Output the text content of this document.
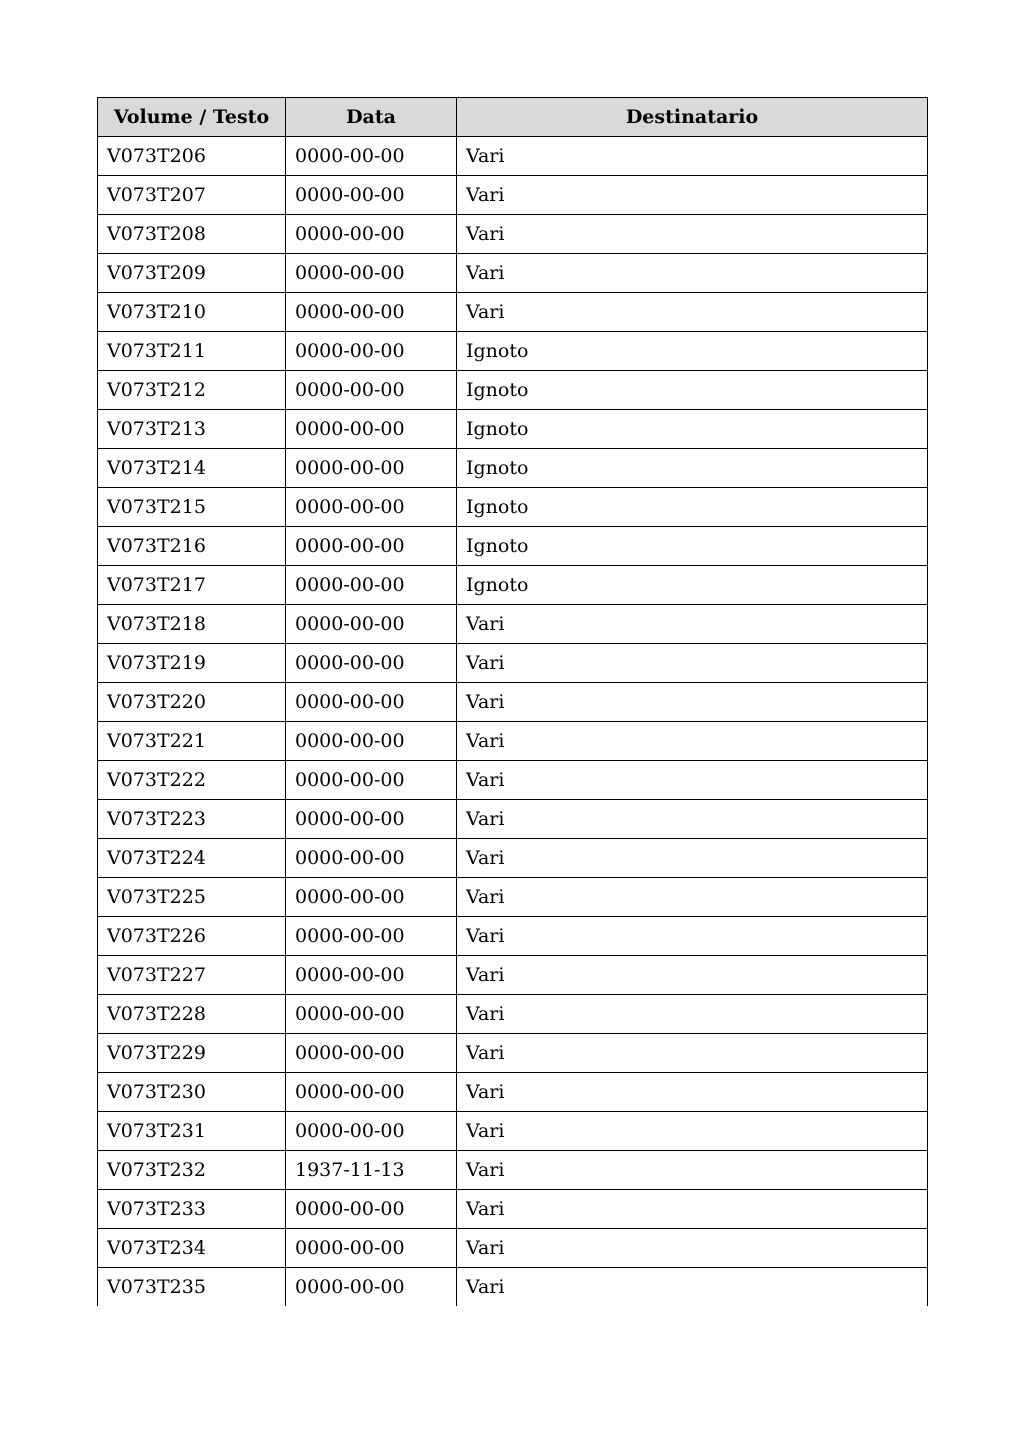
Volume / Testo	Data	Destinatario
V073T206	0000-00-00	Vari
V073T207	0000-00-00	Vari
V073T208	0000-00-00	Vari
V073T209	0000-00-00	Vari
V073T210	0000-00-00	Vari
V073T211	0000-00-00	Ignoto
V073T212	0000-00-00	Ignoto
V073T213	0000-00-00	Ignoto
V073T214	0000-00-00	Ignoto
V073T215	0000-00-00	Ignoto
V073T216	0000-00-00	Ignoto
V073T217	0000-00-00	Ignoto
V073T218	0000-00-00	Vari
V073T219	0000-00-00	Vari
V073T220	0000-00-00	Vari
V073T221	0000-00-00	Vari
V073T222	0000-00-00	Vari
V073T223	0000-00-00	Vari
V073T224	0000-00-00	Vari
V073T225	0000-00-00	Vari
V073T226	0000-00-00	Vari
V073T227	0000-00-00	Vari
V073T228	0000-00-00	Vari
V073T229	0000-00-00	Vari
V073T230	0000-00-00	Vari
V073T231	0000-00-00	Vari
V073T232	1937-11-13	Vari
V073T233	0000-00-00	Vari
V073T234	0000-00-00	Vari
V073T235	0000-00-00	Vari
